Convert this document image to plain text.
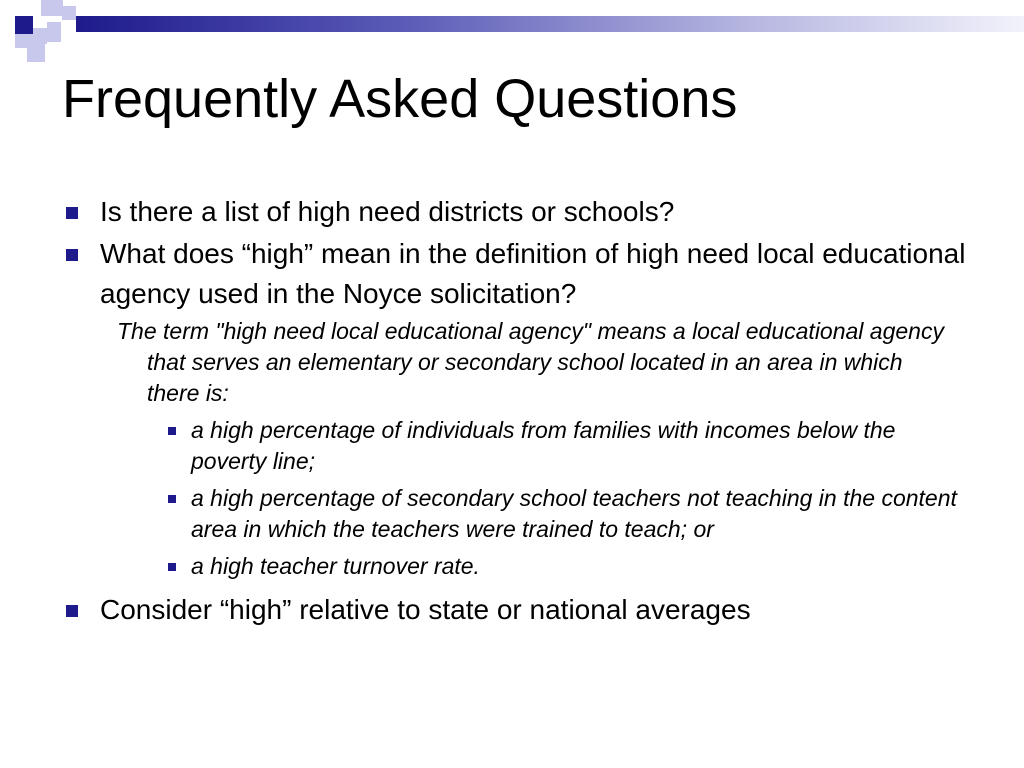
Frequently Asked Questions
Is there a list of high need districts or schools?
What does “high” mean in the definition of high need local educational agency used in the Noyce solicitation?
The term "high need local educational agency" means a local educational agency that serves an elementary or secondary school located in an area in which there is:
a high percentage of individuals from families with incomes below the poverty line;
a high percentage of secondary school teachers not teaching in the content area in which the teachers were trained to teach; or
a high teacher turnover rate.
Consider “high” relative to state or national averages
